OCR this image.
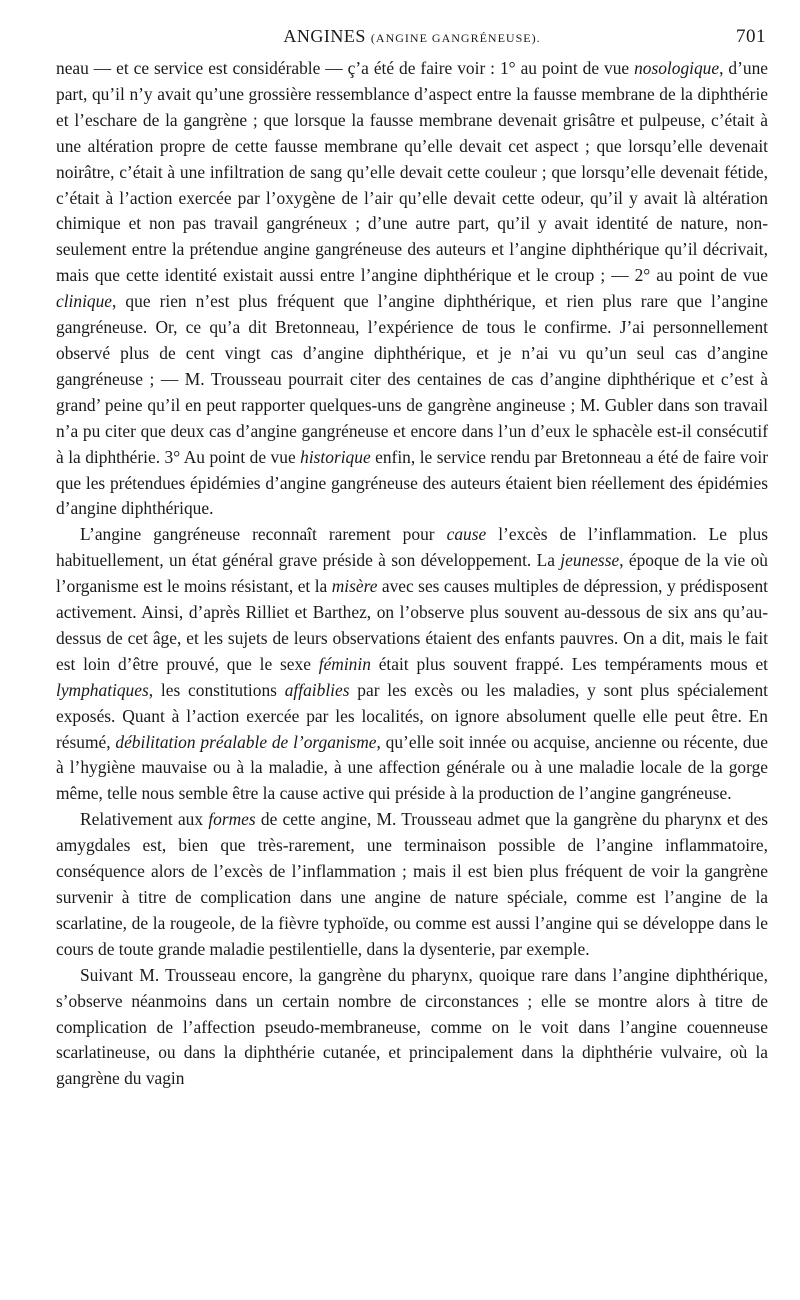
ANGINES (ANGINE GANGRÉNEUSE).	701

neau — et ce service est considérable — ç’a été de faire voir : 1° au point de vue nosologique, d’une part, qu’il n’y avait qu’une grossière ressemblance d’aspect entre la fausse membrane de la diphthérie et l’eschare de la gangrène ; que lorsque la fausse membrane devenait grisâtre et pulpeuse, c’était à une altération propre de cette fausse membrane qu’elle devait cet aspect ; que lorsqu’elle devenait noirâtre, c’était à une infiltration de sang qu’elle devait cette couleur ; que lorsqu’elle devenait fétide, c’était à l’action exercée par l’oxygène de l’air qu’elle devait cette odeur, qu’il y avait là altération chimique et non pas travail gangréneux ; d’une autre part, qu’il y avait identité de nature, non-seulement entre la prétendue angine gangréneuse des auteurs et l’angine diphthérique qu’il décrivait, mais que cette identité existait aussi entre l’angine diphthérique et le croup ; — 2° au point de vue clinique, que rien n’est plus fréquent que l’angine diphthérique, et rien plus rare que l’angine gangréneuse. Or, ce qu’a dit Bretonneau, l’expérience de tous le confirme. J’ai personnellement observé plus de cent vingt cas d’angine diphthérique, et je n’ai vu qu’un seul cas d’angine gangréneuse ; — M. Trousseau pourrait citer des centaines de cas d’angine diphthérique et c’est à grand’ peine qu’il en peut rapporter quelques-uns de gangrène angineuse ; M. Gubler dans son travail n’a pu citer que deux cas d’angine gangréneuse et encore dans l’un d’eux le sphacèle est-il consécutif à la diphthérie. 3° Au point de vue historique enfin, le service rendu par Bretonneau a été de faire voir que les prétendues épidémies d’angine gangréneuse des auteurs étaient bien réellement des épidémies d’angine diphthérique.

L’angine gangréneuse reconnaît rarement pour cause l’excès de l’inflammation. Le plus habituellement, un état général grave préside à son développement. La jeunesse, époque de la vie où l’organisme est le moins résistant, et la misère avec ses causes multiples de dépression, y prédisposent activement. Ainsi, d’après Rilliet et Barthez, on l’observe plus souvent au-dessous de six ans qu’au-dessus de cet âge, et les sujets de leurs observations étaient des enfants pauvres. On a dit, mais le fait est loin d’être prouvé, que le sexe féminin était plus souvent frappé. Les tempéraments mous et lymphatiques, les constitutions affaiblies par les excès ou les maladies, y sont plus spécialement exposés. Quant à l’action exercée par les localités, on ignore absolument quelle elle peut être. En résumé, débilitation préalable de l’organisme, qu’elle soit innée ou acquise, ancienne ou récente, due à l’hygiène mauvaise ou à la maladie, à une affection générale ou à une maladie locale de la gorge même, telle nous semble être la cause active qui préside à la production de l’angine gangréneuse.

Relativement aux formes de cette angine, M. Trousseau admet que la gangrène du pharynx et des amygdales est, bien que très-rarement, une terminaison possible de l’angine inflammatoire, conséquence alors de l’excès de l’inflammation ; mais il est bien plus fréquent de voir la gangrène survenir à titre de complication dans une angine de nature spéciale, comme est l’angine de la scarlatine, de la rougeole, de la fièvre typhoïde, ou comme est aussi l’angine qui se développe dans le cours de toute grande maladie pestilentielle, dans la dysenterie, par exemple.

Suivant M. Trousseau encore, la gangrène du pharynx, quoique rare dans l’angine diphthérique, s’observe néanmoins dans un certain nombre de circonstances ; elle se montre alors à titre de complication de l’affection pseudo-membraneuse, comme on le voit dans l’angine couenneuse scarlatineuse, ou dans la diphthérie cutanée, et principalement dans la diphthérie vulvaire, où la gangrène du vagin
